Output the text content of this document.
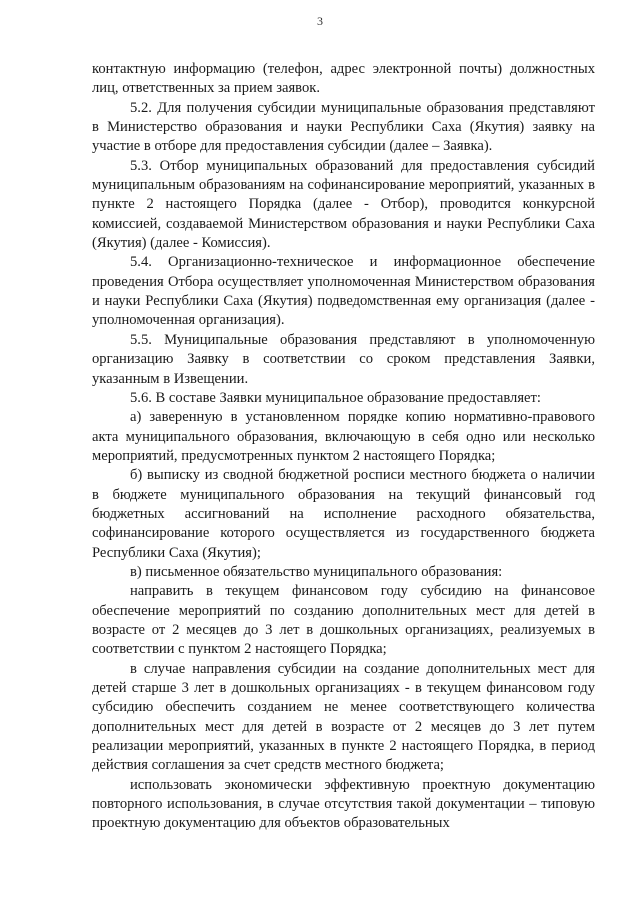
3

контактную информацию (телефон, адрес электронной почты) должностных лиц, ответственных за прием заявок.

5.2. Для получения субсидии муниципальные образования представляют в Министерство образования и науки Республики Саха (Якутия) заявку на участие в отборе для предоставления субсидии (далее – Заявка).

5.3. Отбор муниципальных образований для предоставления субсидий муниципальным образованиям на софинансирование мероприятий, указанных в пункте 2 настоящего Порядка (далее - Отбор), проводится конкурсной комиссией, создаваемой Министерством образования и науки Республики Саха (Якутия) (далее - Комиссия).

5.4. Организационно-техническое и информационное обеспечение проведения Отбора осуществляет уполномоченная Министерством образования и науки Республики Саха (Якутия) подведомственная ему организация (далее - уполномоченная организация).

5.5. Муниципальные образования представляют в уполномоченную организацию Заявку в соответствии со сроком представления Заявки, указанным в Извещении.

5.6. В составе Заявки муниципальное образование предоставляет:

а) заверенную в установленном порядке копию нормативно-правового акта муниципального образования, включающую в себя одно или несколько мероприятий, предусмотренных пунктом 2 настоящего Порядка;

б) выписку из сводной бюджетной росписи местного бюджета о наличии в бюджете муниципального образования на текущий финансовый год бюджетных ассигнований на исполнение расходного обязательства, софинансирование которого осуществляется из государственного бюджета Республики Саха (Якутия);

в) письменное обязательство муниципального образования:

направить в текущем финансовом году субсидию на финансовое обеспечение мероприятий по созданию дополнительных мест для детей в возрасте от 2 месяцев до 3 лет в дошкольных организациях, реализуемых в соответствии с пунктом 2 настоящего Порядка;

в случае направления субсидии на создание дополнительных мест для детей старше 3 лет в дошкольных организациях - в текущем финансовом году субсидию обеспечить созданием не менее соответствующего количества дополнительных мест для детей в возрасте от 2 месяцев до 3 лет путем реализации мероприятий, указанных в пункте 2 настоящего Порядка, в период действия соглашения за счет средств местного бюджета;

использовать экономически эффективную проектную документацию повторного использования, в случае отсутствия такой документации – типовую проектную документацию для объектов образовательных
